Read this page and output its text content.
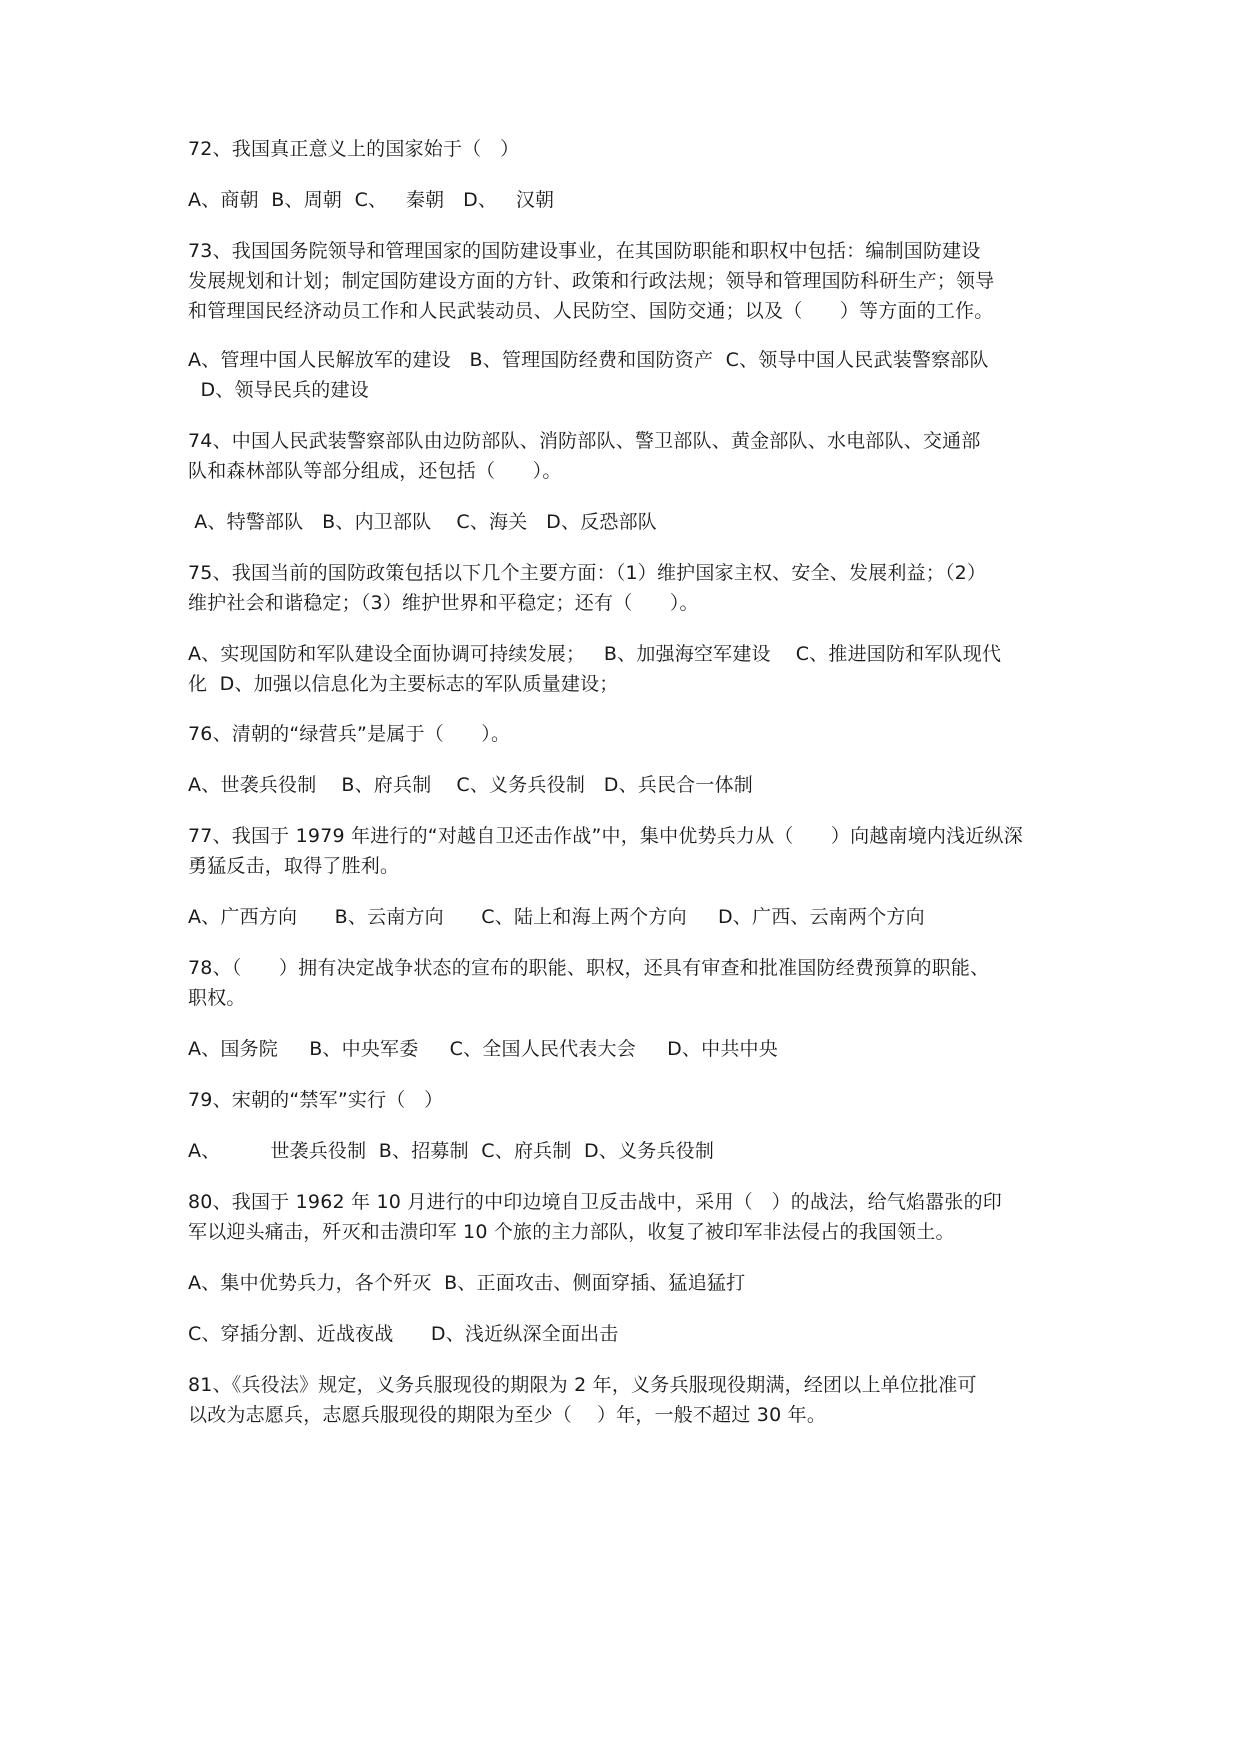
72、我国真正意义上的国家始于（   ）
A、商朝  B、周朝  C、   秦朝   D、   汉朝
73、我国国务院领导和管理国家的国防建设事业，在其国防职能和职权中包括：编制国防建设
发展规划和计划；制定国防建设方面的方针、政策和行政法规；领导和管理国防科研生产；领导
和管理国民经济动员工作和人民武装动员、人民防空、国防交通；以及（      ）等方面的工作。
A、管理中国人民解放军的建设   B、管理国防经费和国防资产  C、领导中国人民武装警察部队
D、领导民兵的建设
74、中国人民武装警察部队由边防部队、消防部队、警卫部队、黄金部队、水电部队、交通部
队和森林部队等部分组成，还包括（      ）。
A、特警部队   B、内卫部队    C、海关   D、反恐部队
75、我国当前的国防政策包括以下几个主要方面：（1）维护国家主权、安全、发展利益；（2）
维护社会和谐稳定；（3）维护世界和平稳定；还有（      ）。
A、实现国防和军队建设全面协调可持续发展；   B、加强海空军建设    C、推进国防和军队现代
化  D、加强以信息化为主要标志的军队质量建设；
76、清朝的“绿营兵”是属于（      ）。
A、世袭兵役制    B、府兵制    C、义务兵役制   D、兵民合一体制
77、我国于 1979 年进行的“对越自卫还击作战”中，集中优势兵力从（      ）向越南境内浅近纵深
勇猛反击，取得了胜利。
A、广西方向      B、云南方向      C、陆上和海上两个方向     D、广西、云南两个方向
78、（      ）拥有决定战争状态的宣布的职能、职权，还具有审查和批准国防经费预算的职能、
职权。
A、国务院     B、中央军委     C、全国人民代表大会     D、中共中央
79、宋朝的“禁军”实行（   ）
A、        世袭兵役制  B、招募制  C、府兵制  D、义务兵役制
80、我国于 1962 年 10 月进行的中印边境自卫反击战中，采用（   ）的战法，给气焰嚣张的印
军以迎头痛击，歼灭和击溃印军 10 个旅的主力部队，收复了被印军非法侵占的我国领土。
A、集中优势兵力，各个歼灭  B、正面攻击、侧面穿插、猛追猛打
C、穿插分割、近战夜战      D、浅近纵深全面出击
81、《兵役法》规定，义务兵服现役的期限为 2 年，义务兵服现役期满，经团以上单位批准可
以改为志愿兵，志愿兵服现役的期限为至少（    ）年，一般不超过 30 年。
